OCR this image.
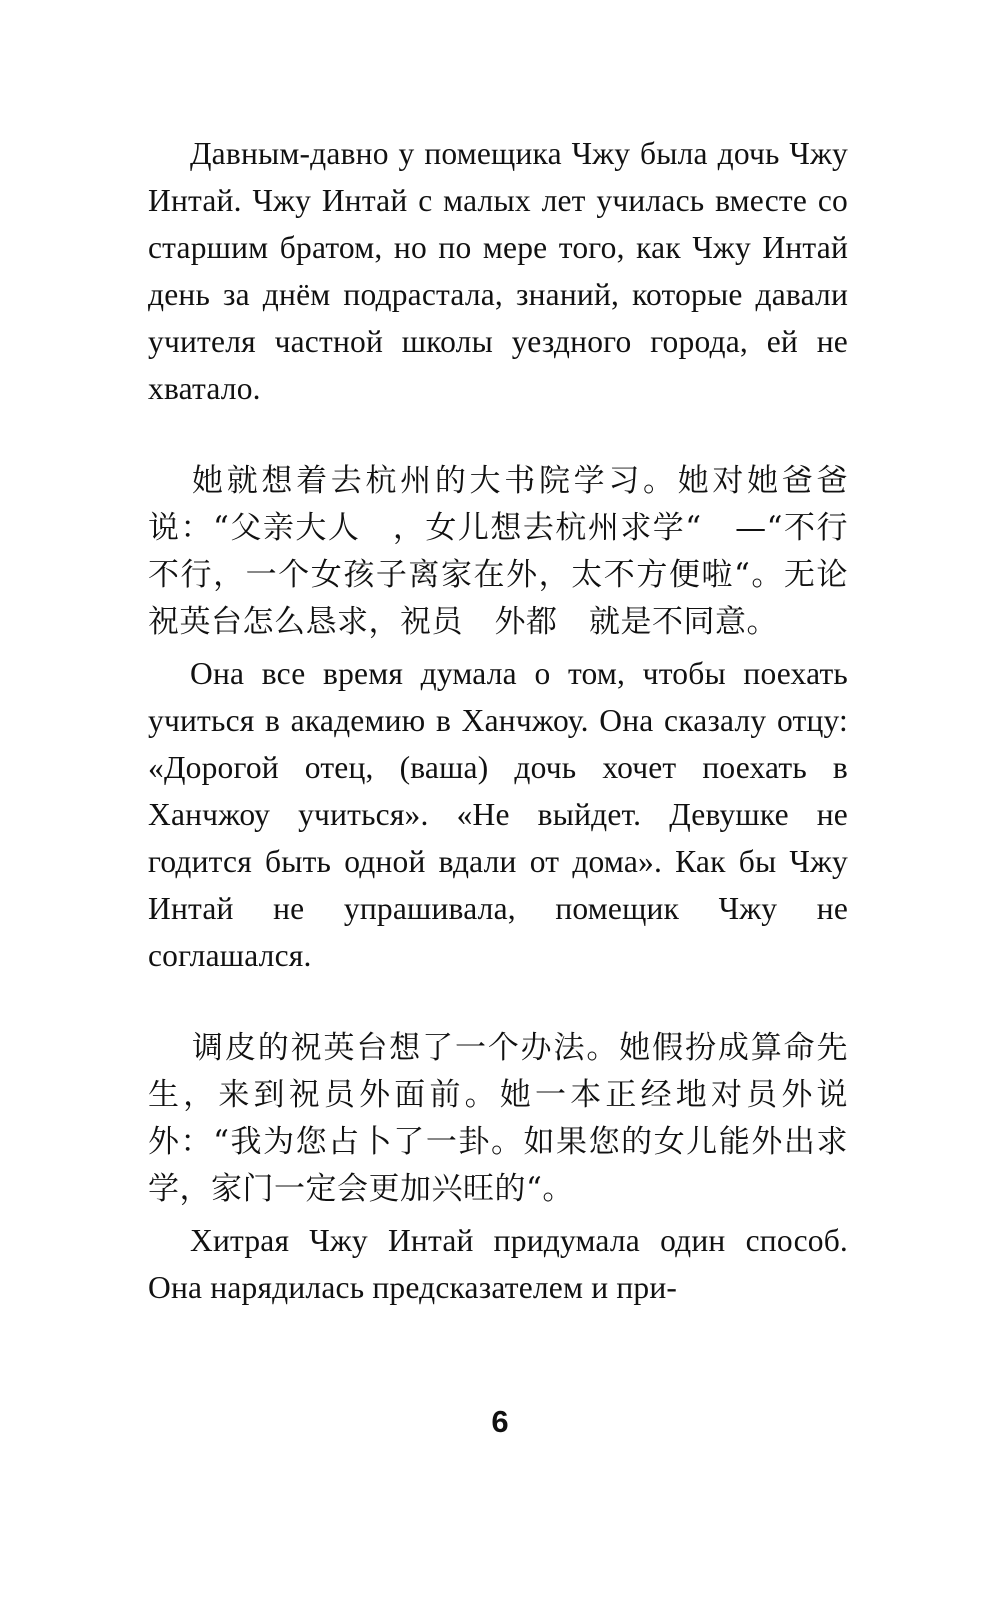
Давным-давно у помещика Чжу была дочь Чжу Интай. Чжу Интай с малых лет училась вместе со старшим братом, но по мере того, как Чжу Интай день за днём подрастала, знаний, которые давали учителя частной школы уездного города, ей не хватало.

她就想着去杭州的大书院学习。她对她爸爸说：“父亲大人　，女儿想去杭州求学“　—“不行不行，一个女孩子离家在外，太不方便啦“。无论祝英台怎么恳求，祝员　外都　就是不同意。

Она все время думала о том, чтобы поехать учиться в академию в Ханчжоу. Она сказалу отцу: «Дорогой отец, (ваша) дочь хочет поехать в Ханчжоу учиться». «Не выйдет. Девушке не годится быть одной вдали от дома». Как бы Чжу Интай не упрашивала, помещик Чжу не соглашался.

调皮的祝英台想了一个办法。她假扮成算命先生，来到祝员外面前。她一本正经地对员外说外：“我为您占卜了一卦。如果您的女儿能外出求学，家门一定会更加兴旺的“。

Хитрая Чжу Интай придумала один способ. Она нарядилась предсказателем и при-

6
